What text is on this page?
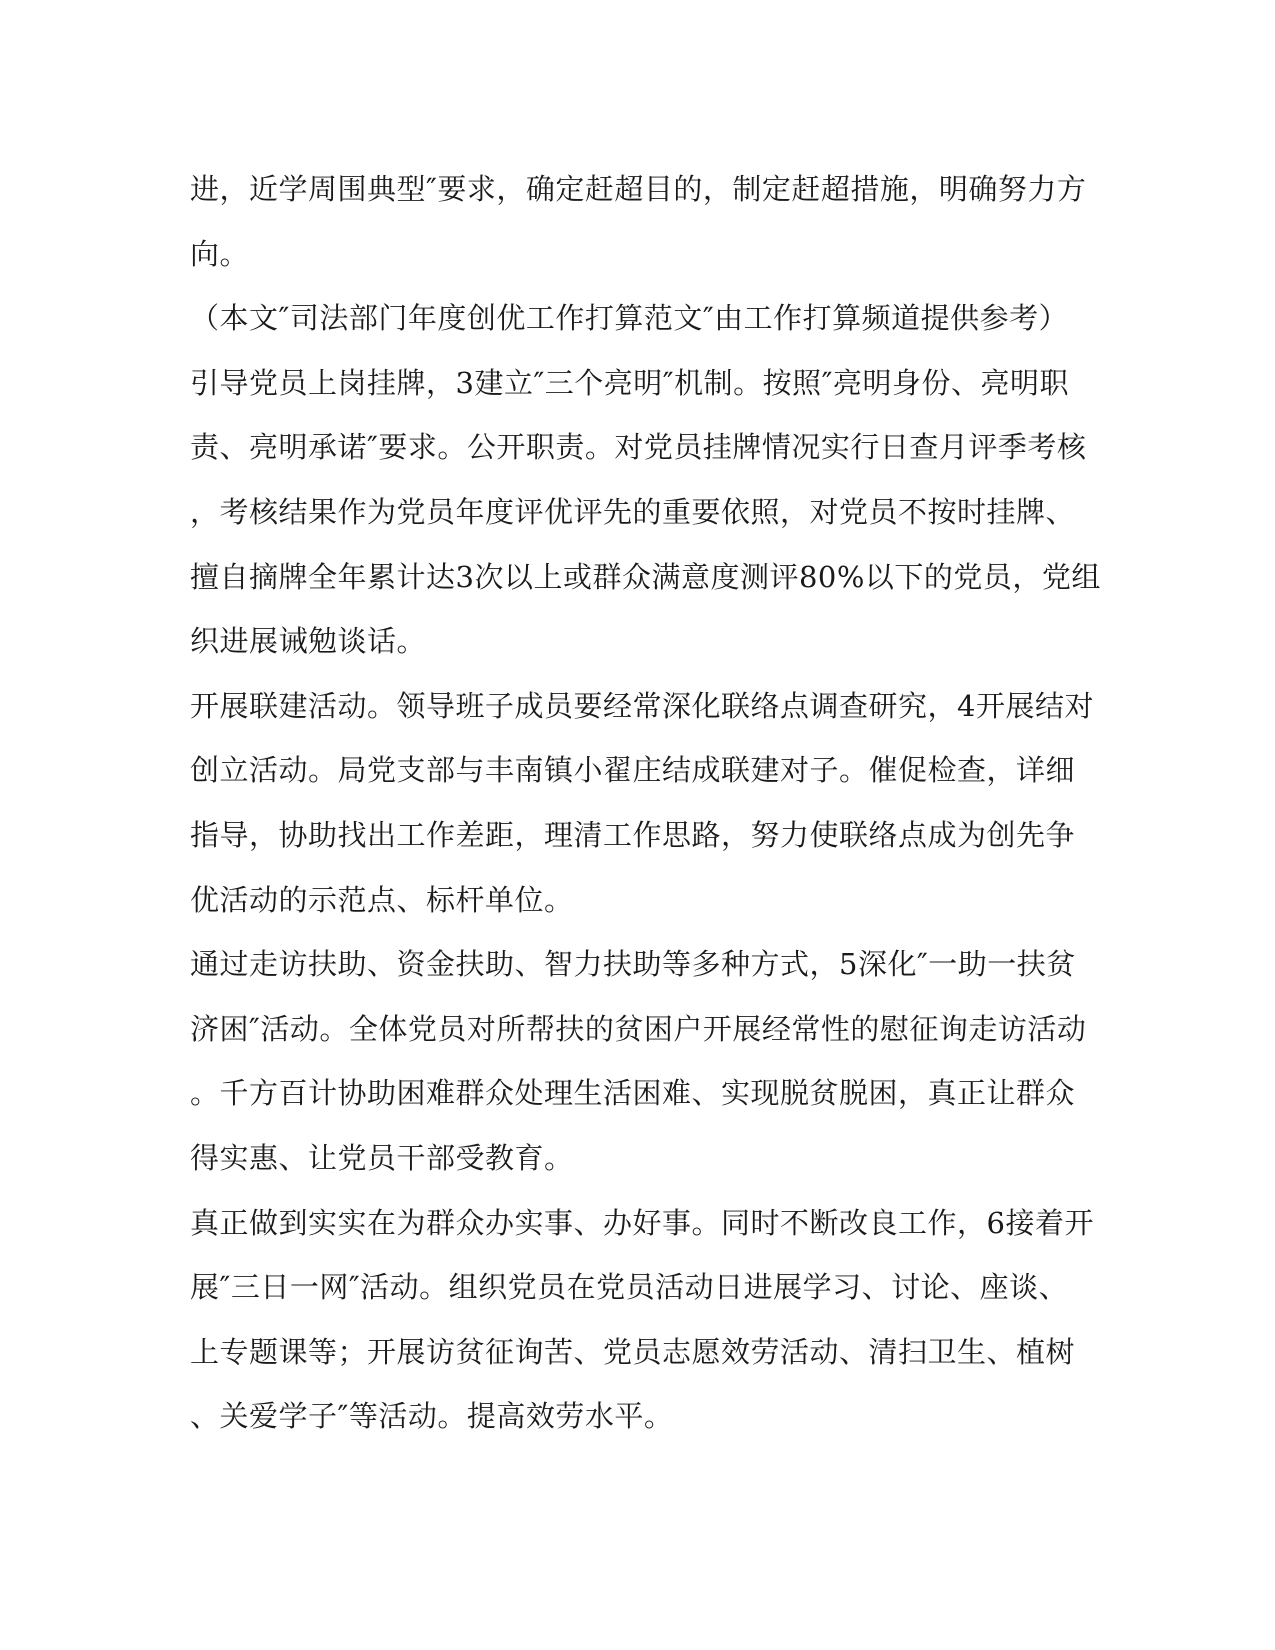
进，近学周围典型″要求，确定赶超目的，制定赶超措施，明确努力方
向。
（本文″司法部门年度创优工作打算范文″由工作打算频道提供参考）
引导党员上岗挂牌，3建立″三个亮明″机制。按照″亮明身份、亮明职
责、亮明承诺″要求。公开职责。对党员挂牌情况实行日查月评季考核
，考核结果作为党员年度评优评先的重要依照，对党员不按时挂牌、
擅自摘牌全年累计达3次以上或群众满意度测评80%以下的党员，党组
织进展诫勉谈话。
开展联建活动。领导班子成员要经常深化联络点调查研究，4开展结对
创立活动。局党支部与丰南镇小翟庄结成联建对子。催促检查，详细
指导，协助找出工作差距，理清工作思路，努力使联络点成为创先争
优活动的示范点、标杆单位。
通过走访扶助、资金扶助、智力扶助等多种方式，5深化″一助一扶贫
济困″活动。全体党员对所帮扶的贫困户开展经常性的慰征询走访活动
。千方百计协助困难群众处理生活困难、实现脱贫脱困，真正让群众
得实惠、让党员干部受教育。
真正做到实实在为群众办实事、办好事。同时不断改良工作，6接着开
展″三日一网″活动。组织党员在党员活动日进展学习、讨论、座谈、
上专题课等；开展访贫征询苦、党员志愿效劳活动、清扫卫生、植树
、关爱学子″等活动。提高效劳水平。
